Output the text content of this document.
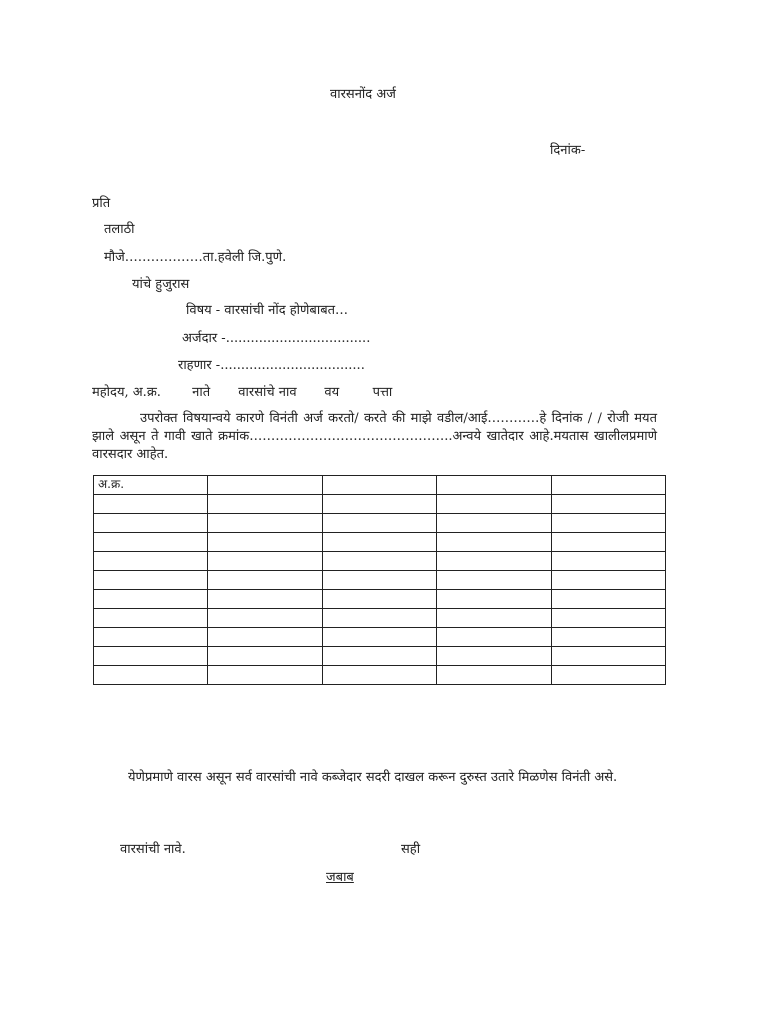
वारसनोंद अर्ज
दिनांक-
प्रति
तलाठी
मौजे………………ता.हवेली जि.पुणे.
यांचे हुजुरास
विषय - वारसांची नोंद होणेबाबत…
अर्जदार -...................................
राहणार -...................................
महोदय, अ.क्र. नाते वारसांचे नाव वय	पत्ता
उपरोक्त विषयान्वये कारणे विनंती अर्ज करतो/ करते की माझे वडील/आई…………हे दिनांक / / रोजी मयत झाले असून ते गावी खाते क्रमांक………………………………………..अन्वये खातेदार आहे.मयतास खालीलप्रमाणे वारसदार आहेत.
अ.क्र.				

येणेप्रमाणे वारस असून सर्व वारसांची नावे कब्जेदार सदरी दाखल करून दुरुस्त उतारे मिळणेस विनंती असे.
वारसांची नावे.	सही
जबाब
